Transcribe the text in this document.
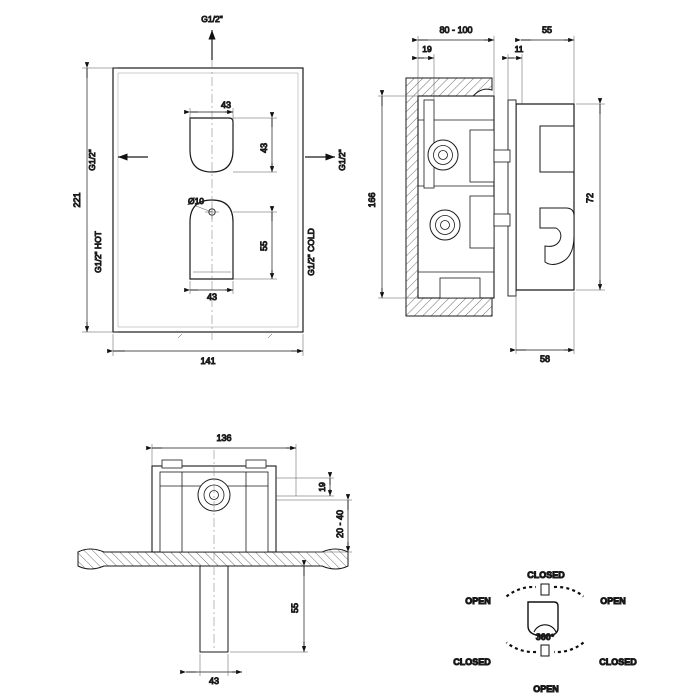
G1/2"
G1/2"	G1/2"
G1/2" HOT	G1/2" COLD
221
141
43
43
Ø10
55
43
80 - 100
19	11
55
166	72
58
136
19
20 - 40
55
43
360°
CLOSED
OPEN
OPEN	OPEN
CLOSED	CLOSED
